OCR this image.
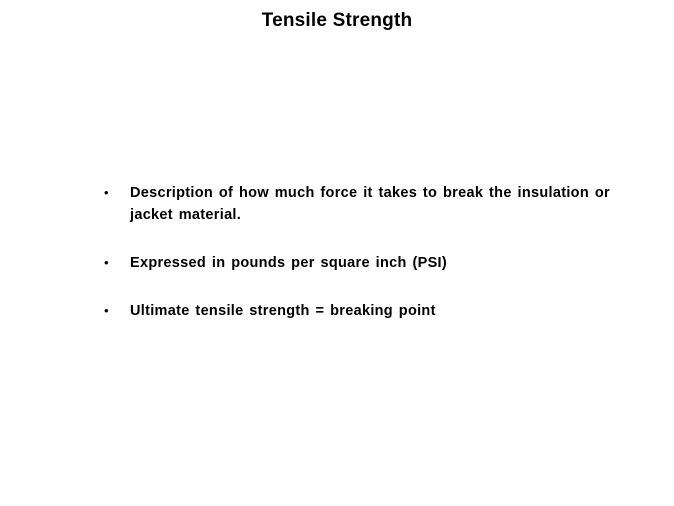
Tensile Strength
•	Description of how much force it takes to break the insulation or jacket material.
•	Expressed in pounds per square inch (PSI)
•	Ultimate tensile strength = breaking point
